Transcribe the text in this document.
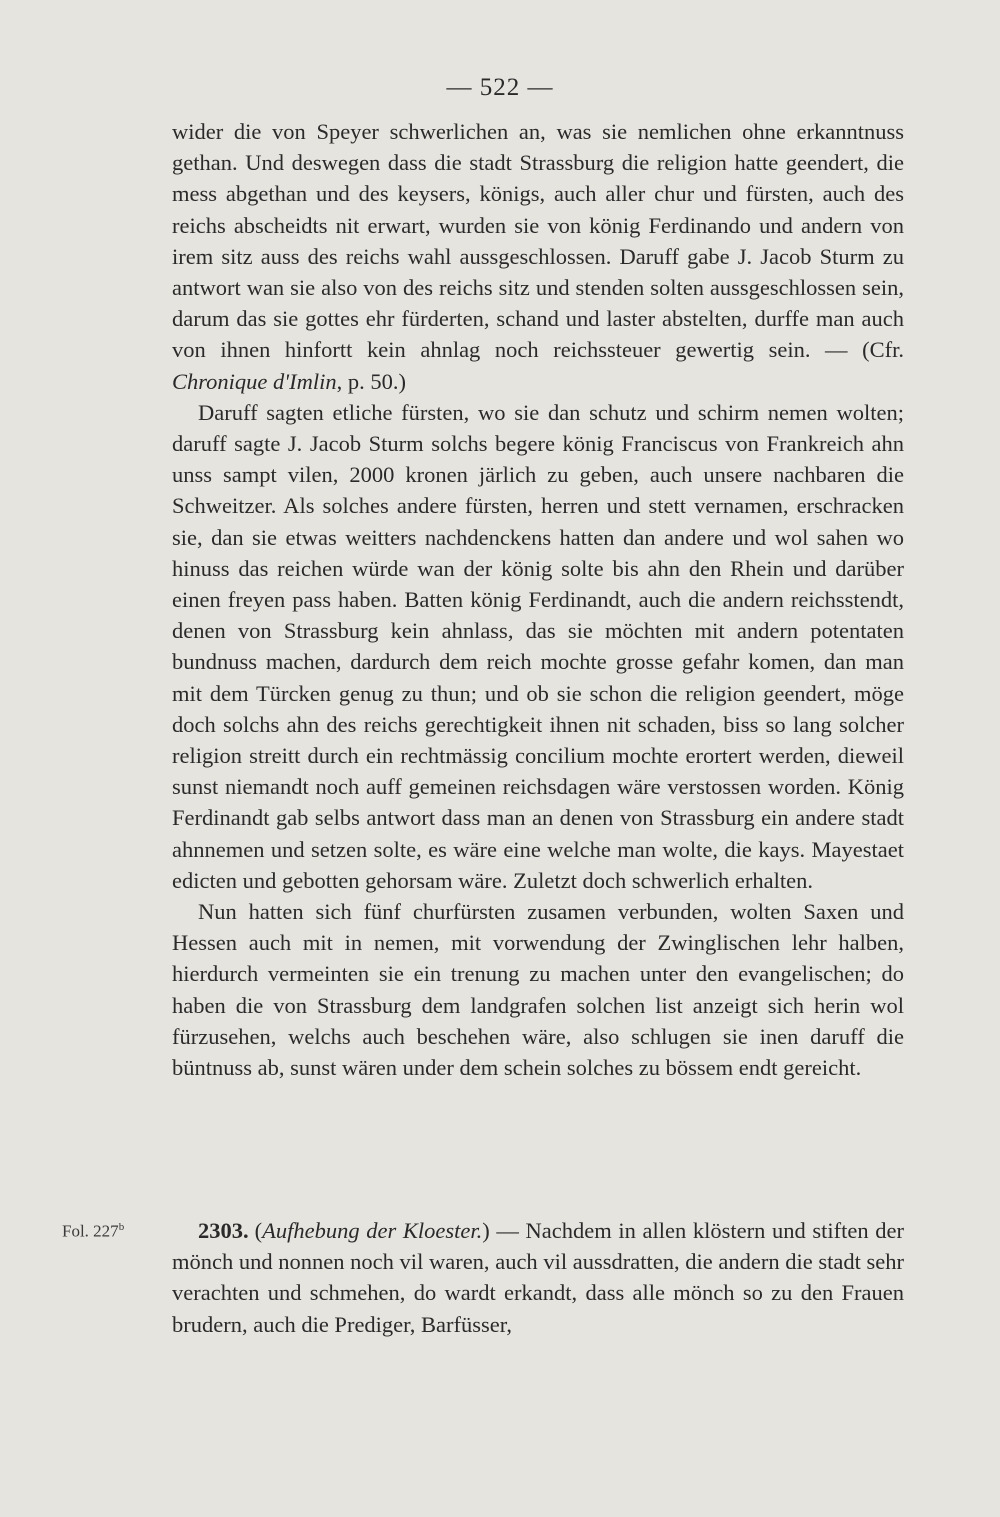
— 522 —

wider die von Speyer schwerlichen an, was sie nemlichen ohne erkanntnuss gethan. Und deswegen dass die stadt Strassburg die religion hatte geendert, die mess abgethan und des keysers, königs, auch aller chur und fürsten, auch des reichs abscheidts nit erwart, wurden sie von könig Ferdinando und andern von irem sitz auss des reichs wahl aussgeschlossen. Daruff gabe J. Jacob Sturm zu antwort wan sie also von des reichs sitz und stenden solten aussgeschlossen sein, darum das sie gottes ehr fürderten, schand und laster abstelten, durffe man auch von ihnen hinfortt kein ahnlag noch reichssteuer gewertig sein. — (Cfr. Chronique d'Imlin, p. 50.)

Daruff sagten etliche fürsten, wo sie dan schutz und schirm nemen wolten; daruff sagte J. Jacob Sturm solchs begere könig Franciscus von Frankreich ahn unss sampt vilen, 2000 kronen järlich zu geben, auch unsere nachbaren die Schweitzer. Als solches andere fürsten, herren und stett vernamen, erschracken sie, dan sie etwas weitters nachdenckens hatten dan andere und wol sahen wo hinuss das reichen würde wan der könig solte bis ahn den Rhein und darüber einen freyen pass haben. Batten könig Ferdinandt, auch die andern reichsstendt, denen von Strassburg kein ahnlass, das sie möchten mit andern potentaten bundnuss machen, dardurch dem reich mochte grosse gefahr komen, dan man mit dem Türcken genug zu thun; und ob sie schon die religion geendert, möge doch solchs ahn des reichs gerechtigkeit ihnen nit schaden, biss so lang solcher religion streitt durch ein rechtmässig concilium mochte erortert werden, dieweil sunst niemandt noch auff gemeinen reichsdagen wäre verstossen worden. König Ferdinandt gab selbs antwort dass man an denen von Strassburg ein andere stadt ahnnemen und setzen solte, es wäre eine welche man wolte, die kays. Mayestaet edicten und gebotten gehorsam wäre. Zuletzt doch schwerlich erhalten.

Nun hatten sich fünf churfürsten zusamen verbunden, wolten Saxen und Hessen auch mit in nemen, mit vorwendung der Zwinglischen lehr halben, hierdurch vermeinten sie ein trenung zu machen unter den evangelischen; do haben die von Strassburg dem landgrafen solchen list anzeigt sich herin wol fürzusehen, welchs auch beschehen wäre, also schlugen sie inen daruff die büntnuss ab, sunst wären under dem schein solches zu bössem endt gereicht.

Fol. 227$^b$	2303. (Aufhebung der Kloester.) — Nachdem in allen klöstern und stiften der mönch und nonnen noch vil waren, auch vil aussdratten, die andern die stadt sehr verachten und schmehen, do wardt erkandt, dass alle mönch so zu den Frauen brudern, auch die Prediger, Barfüsser,
